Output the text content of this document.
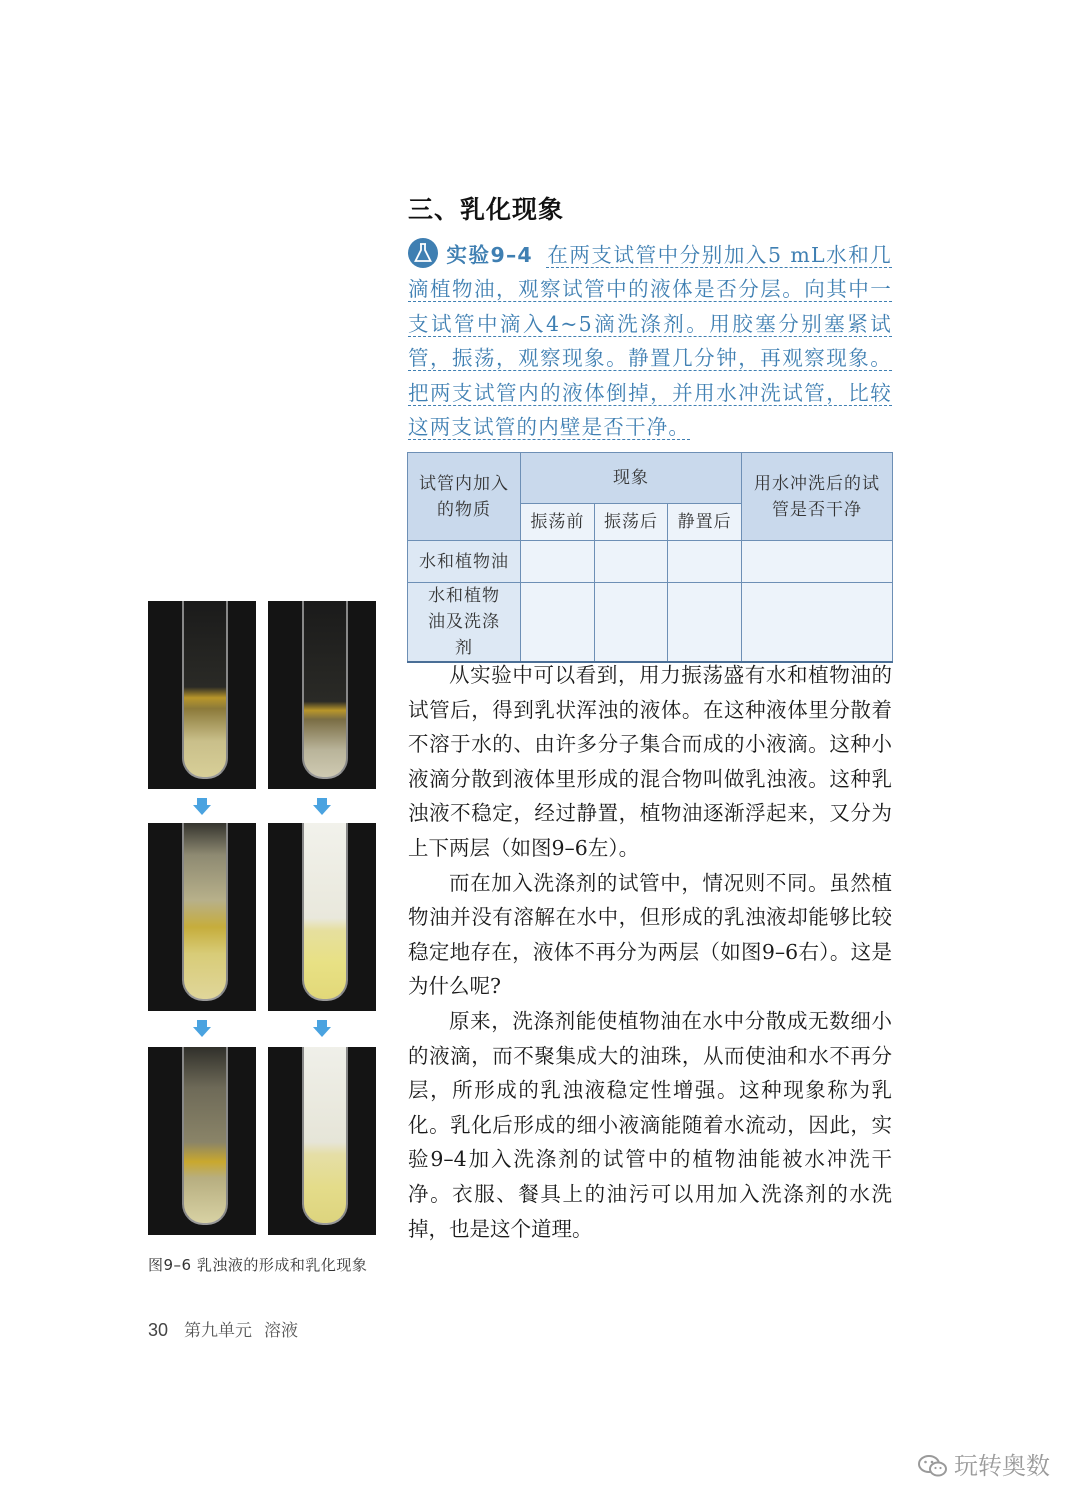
三、乳化现象
实验9–4 在两支试管中分别加入5 mL水和几滴植物油，观察试管中的液体是否分层。向其中一支试管中滴入4~5滴洗涤剂。用胶塞分别塞紧试管，振荡，观察现象。静置几分钟，再观察现象。把两支试管内的液体倒掉，并用水冲洗试管，比较这两支试管的内壁是否干净。
试管内加入的物质	现象			用水冲洗后的试管是否干净
	振荡前	振荡后	静置后	
水和植物油				
水和植物油及洗涤剂				

从实验中可以看到，用力振荡盛有水和植物油的试管后，得到乳状浑浊的液体。在这种液体里分散着不溶于水的、由许多分子集合而成的小液滴。这种小液滴分散到液体里形成的混合物叫做乳浊液。这种乳浊液不稳定，经过静置，植物油逐渐浮起来，又分为上下两层（如图9–6左）。

而在加入洗涤剂的试管中，情况则不同。虽然植物油并没有溶解在水中，但形成的乳浊液却能够比较稳定地存在，液体不再分为两层（如图9–6右）。这是为什么呢?

原来，洗涤剂能使植物油在水中分散成无数细小的液滴，而不聚集成大的油珠，从而使油和水不再分层，所形成的乳浊液稳定性增强。这种现象称为乳化。乳化后形成的细小液滴能随着水流动，因此，实验9–4加入洗涤剂的试管中的植物油能被水冲洗干净。衣服、餐具上的油污可以用加入洗涤剂的水洗掉，也是这个道理。

图9–6 乳浊液的形成和乳化现象
30 第九单元 溶液
玩转奥数
